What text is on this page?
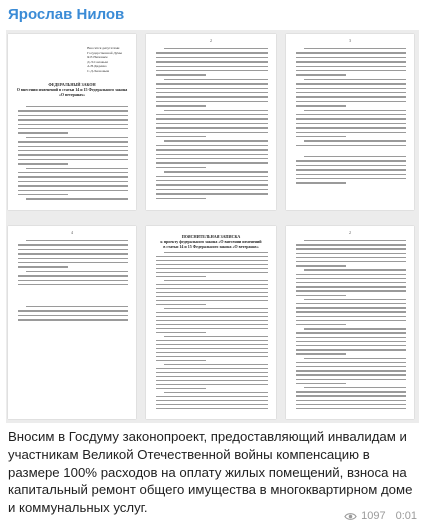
Ярослав Нилов
Вносится депутатами
Государственной Думы
Я.Е.Ниловым
Д.Л.Сомовым
А.Н.Диденко
С.Д.Леоновым
ФЕДЕРАЛЬНЫЙ ЗАКОН
О внесении изменений в статьи 14 и 15 Федерального закона
«О ветеранах»
2	3
4
ПОЯСНИТЕЛЬНАЯ ЗАПИСКА
к проекту федерального закона «О внесении изменений
в статьи 14 и 15 Федерального закона «О ветеранах»
2
Вносим в Госдуму законопроект, предоставляющий инвалидам и участникам Великой Отечественной войны компенсацию в размере 100% расходов на оплату жилых помещений, взноса на капитальный ремонт общего имущества в многоквартирном доме и коммунальных услуг.
1097 0:01
